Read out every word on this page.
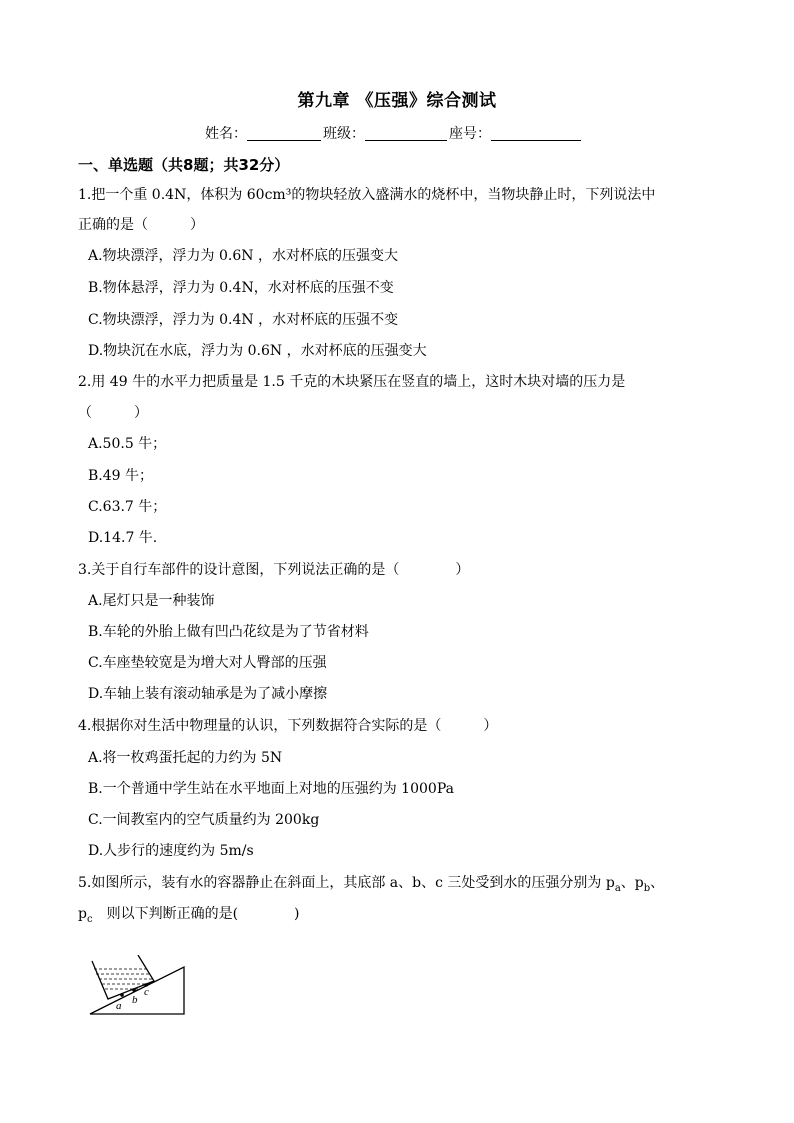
第九章 《压强》综合测试
姓名：	班级：	座号：
一、单选题（共8题；共32分）
1.把一个重 0.4N，体积为 60cm³的物块轻放入盛满水的烧杯中，当物块静止时，下列说法中
正确的是（　　　）
A.物块漂浮，浮力为 0.6N ，水对杯底的压强变大
B.物体悬浮，浮力为 0.4N，水对杯底的压强不变
C.物块漂浮，浮力为 0.4N ，水对杯底的压强不变
D.物块沉在水底，浮力为 0.6N ，水对杯底的压强变大
2.用 49 牛的水平力把质量是 1.5 千克的木块紧压在竖直的墙上，这时木块对墙的压力是
（　　　）
A.50.5 牛；
B.49 牛；
C.63.7 牛；
D.14.7 牛.
3.关于自行车部件的设计意图，下列说法正确的是（　　　　）
A.尾灯只是一种装饰
B.车轮的外胎上做有凹凸花纹是为了节省材料
C.车座垫较宽是为增大对人臀部的压强
D.车轴上装有滚动轴承是为了减小摩擦
4.根据你对生活中物理量的认识，下列数据符合实际的是（　　　）
A.将一枚鸡蛋托起的力约为 5N
B.一个普通中学生站在水平地面上对地的压强约为 1000Pa
C.一间教室内的空气质量约为 200kg
D.人步行的速度约为 5m/s
5.如图所示，装有水的容器静止在斜面上，其底部 a、b、c 三处受到水的压强分别为 $p_a$、$p_b$、
$p_c$　则以下判断正确的是(　　　　)
a b
c
